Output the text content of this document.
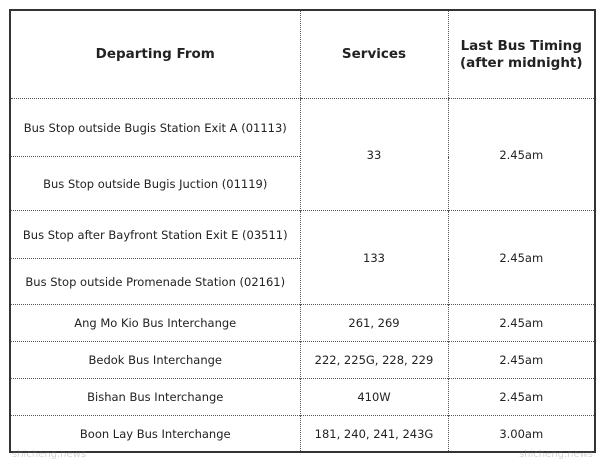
Departing From	Services	Last Bus Timing
(after midnight)
Bus Stop outside Bugis Station Exit A (01113)	33	2.45am
Bus Stop outside Bugis Juction (01119)		
Bus Stop after Bayfront Station Exit E (03511)	133	2.45am
Bus Stop outside Promenade Station (02161)		
Ang Mo Kio Bus Interchange	261, 269	2.45am
Bedok Bus Interchange	222, 225G, 228, 229	2.45am
Bishan Bus Interchange	410W	2.45am
Boon Lay Bus Interchange	181, 240, 241, 243G	3.00am
shicheng.news	shicheng.news
